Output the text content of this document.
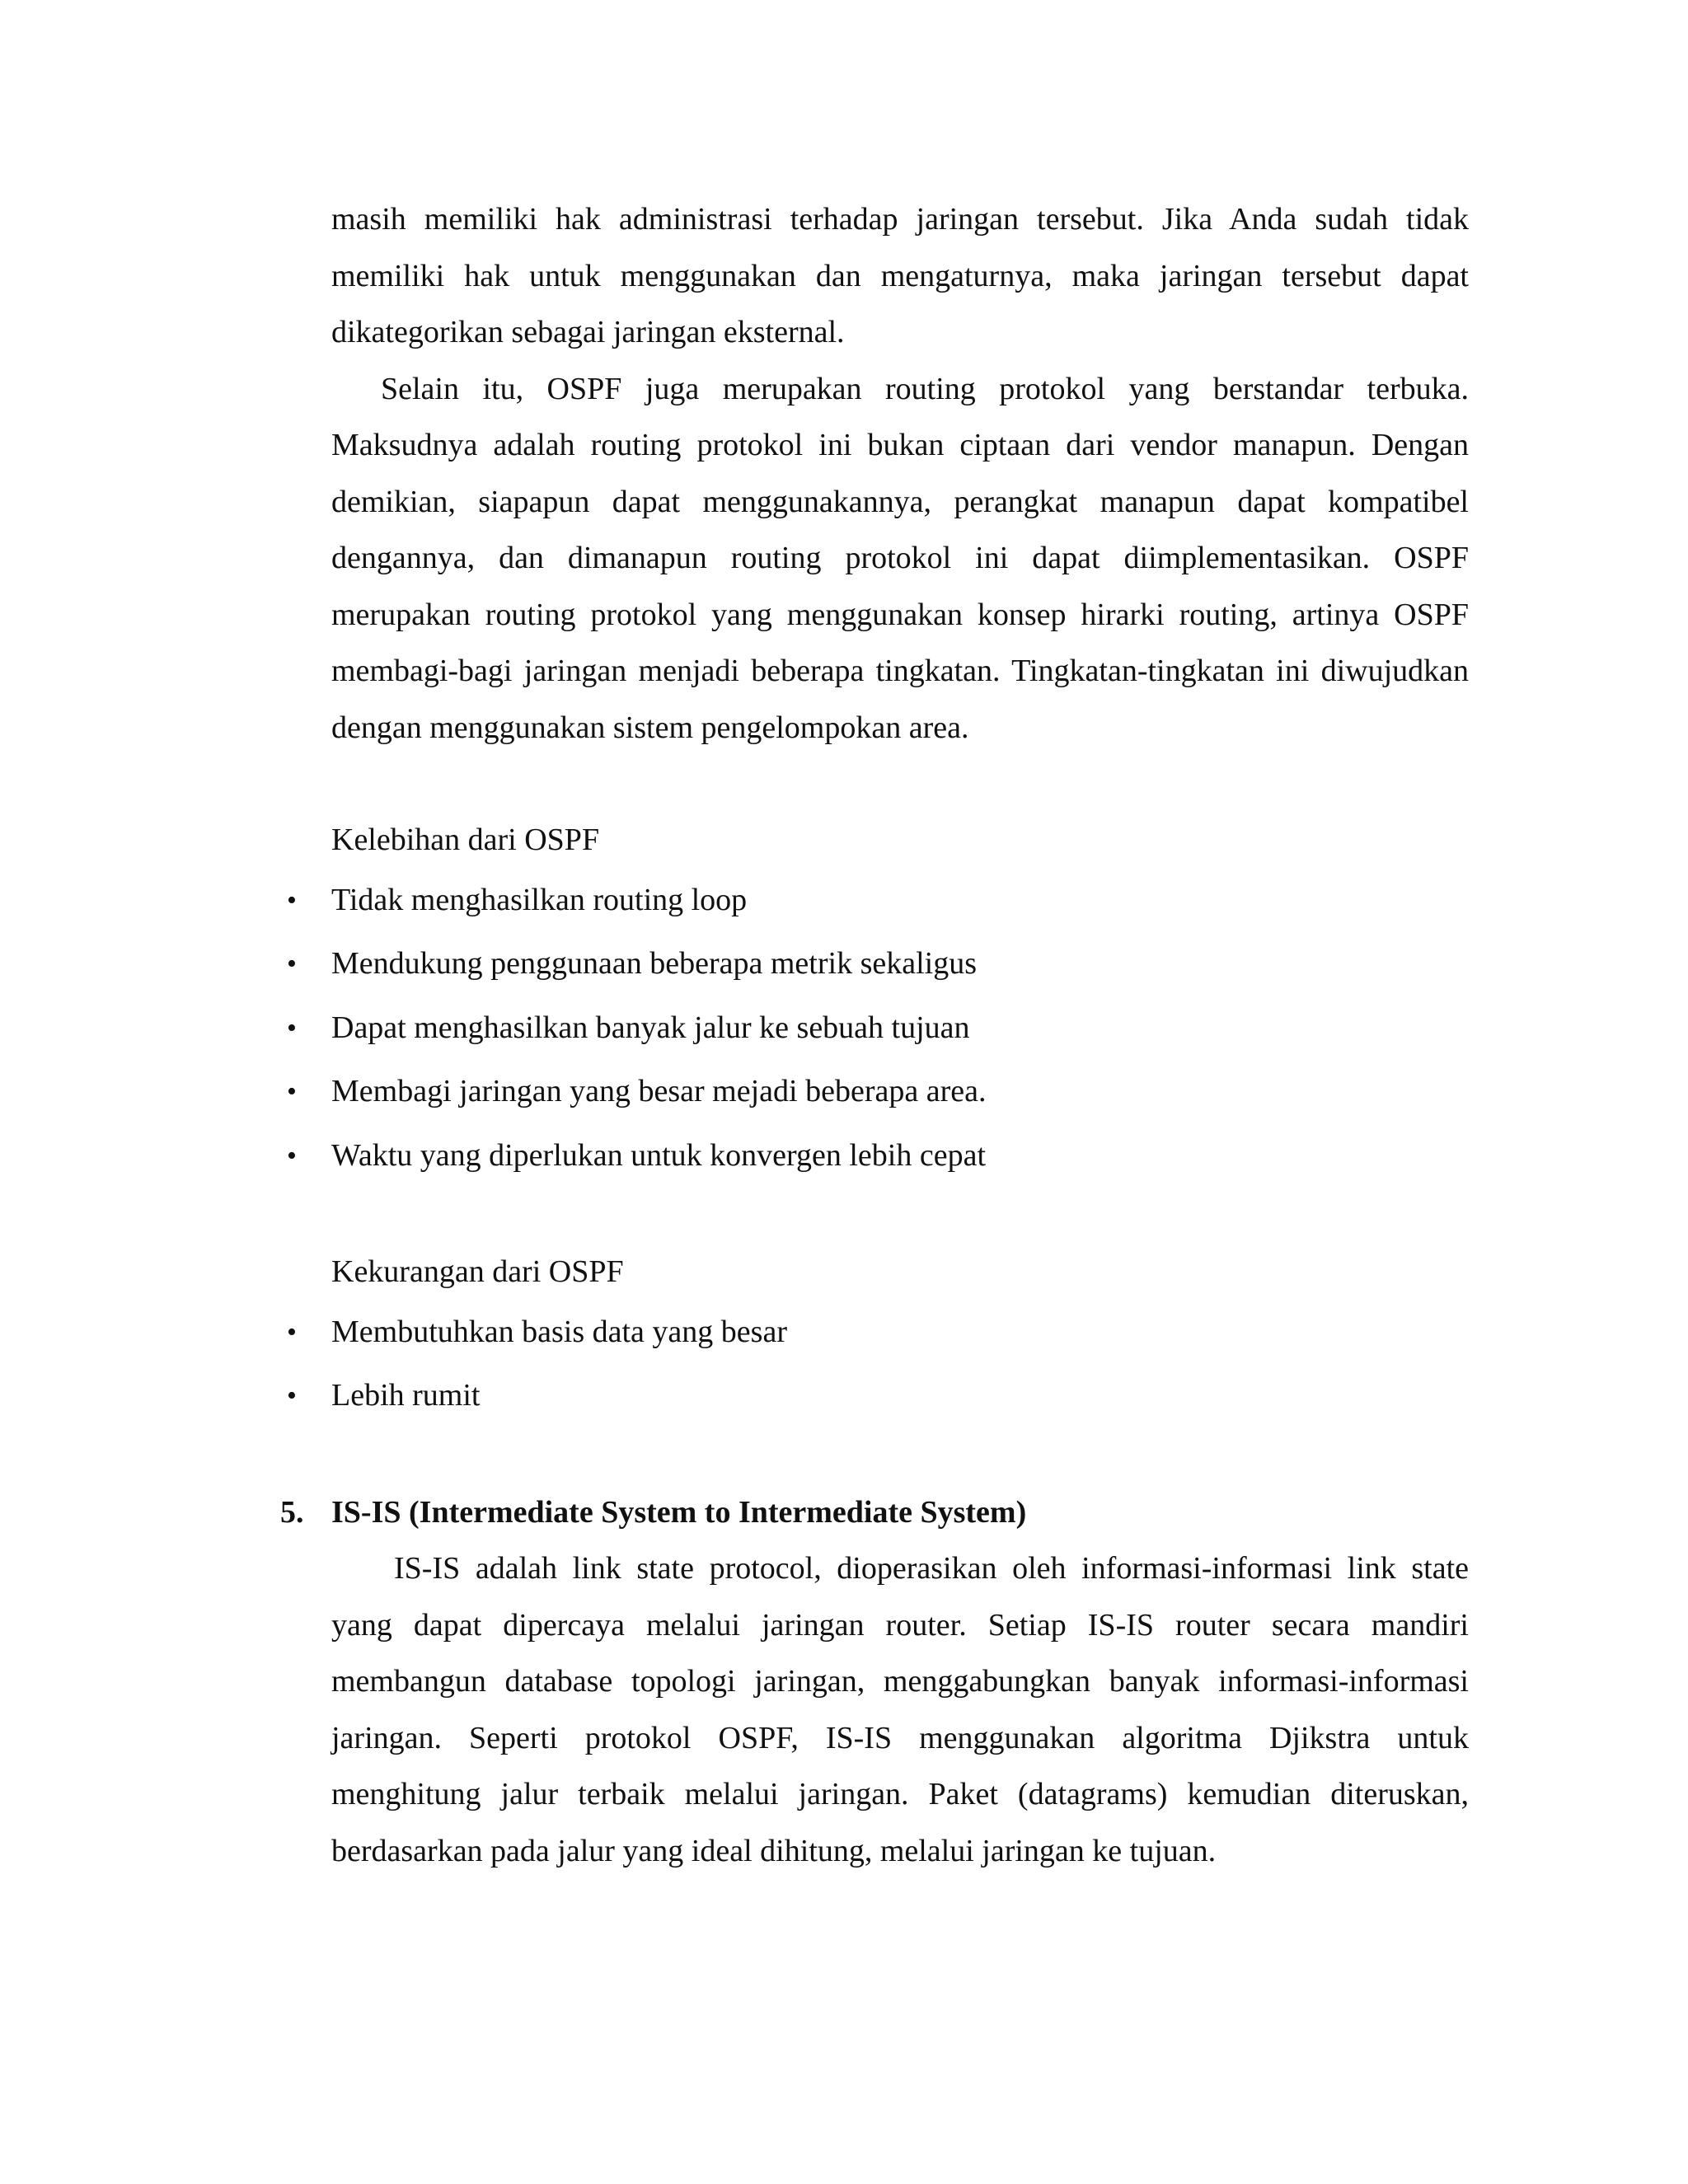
masih memiliki hak administrasi terhadap jaringan tersebut. Jika Anda sudah tidak memiliki hak untuk menggunakan dan mengaturnya, maka jaringan tersebut dapat dikategorikan sebagai jaringan eksternal.

Selain itu, OSPF juga merupakan routing protokol yang berstandar terbuka. Maksudnya adalah routing protokol ini bukan ciptaan dari vendor manapun. Dengan demikian, siapapun dapat menggunakannya, perangkat manapun dapat kompatibel dengannya, dan dimanapun routing protokol ini dapat diimplementasikan. OSPF merupakan routing protokol yang menggunakan konsep hirarki routing, artinya OSPF membagi-bagi jaringan menjadi beberapa tingkatan. Tingkatan-tingkatan ini diwujudkan dengan menggunakan sistem pengelompokan area.

Kelebihan dari OSPF

• Tidak menghasilkan routing loop
• Mendukung penggunaan beberapa metrik sekaligus
• Dapat menghasilkan banyak jalur ke sebuah tujuan
• Membagi jaringan yang besar mejadi beberapa area.
• Waktu yang diperlukan untuk konvergen lebih cepat

Kekurangan dari OSPF

• Membutuhkan basis data yang besar
• Lebih rumit

5. IS-IS (Intermediate System to Intermediate System)

IS-IS adalah link state protocol, dioperasikan oleh informasi-informasi link state yang dapat dipercaya melalui jaringan router. Setiap IS-IS router secara mandiri membangun database topologi jaringan, menggabungkan banyak informasi-informasi jaringan. Seperti protokol OSPF, IS-IS menggunakan algoritma Djikstra untuk menghitung jalur terbaik melalui jaringan. Paket (datagrams) kemudian diteruskan, berdasarkan pada jalur yang ideal dihitung, melalui jaringan ke tujuan.
